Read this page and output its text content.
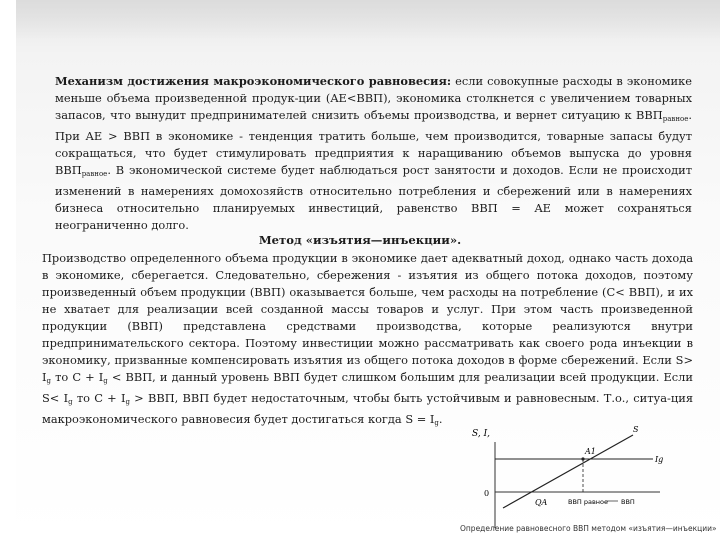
Механизм достижения макроэкономического равновесия: если совокупные расходы в экономике меньше объема произведенной продук-ции (AE<ВВП), экономика столкнется с увеличением товарных запасов, что вынудит предпринимателей снизить объемы производства, и вернет ситуацию к $ВВП_{равное}$. При AE > ВВП в экономике - тенденция тратить больше, чем производится, товарные запасы будут сокращаться, что будет стимулировать предприятия к наращиванию объемов выпуска до уровня $ВВП_{равное}$. В экономической системе будет наблюдаться рост занятости и доходов. Если не происходит изменений в намерениях домохозяйств относительно потребления и сбережений или в намерениях бизнеса относительно планируемых инвестиций, равенство ВВП = AE может сохраняться неограниченно долго.

Метод «изъятия—инъекции».

Производство определенного объема продукции в экономике дает адекватный доход, однако часть дохода в экономике, сберегается. Следовательно, сбережения - изъятия из общего потока доходов, поэтому произведенный объем продукции (ВВП) оказывается больше, чем расходы на потребление (С< ВВП), и их не хватает для реализации всей созданной массы товаров и услуг. При этом часть произведенной продукции (ВВП) представлена средствами производства, которые реализуются внутри предпринимательского сектора. Поэтому инвестиции можно рассматривать как своего рода инъекции в экономику, призванные компенсировать изъятия из общего потока доходов в форме сбережений. Если $S> I_g$ то $С + I_g$ < ВВП, и данный уровень ВВП будет слишком большим для реализации всей продукции. Если $S< I_g$ то $С + I_g$ > ВВП, ВВП будет недостаточным, чтобы быть устойчивым и равновесным. Т.о., ситуа-ция макроэкономического равновесия будет достигаться когда $S = I_g$.

S, I,
0
S
Ig
A1
QA	ВВП равное ВВП
Определение равновесного ВВП методом «изъятия—инъекции»
